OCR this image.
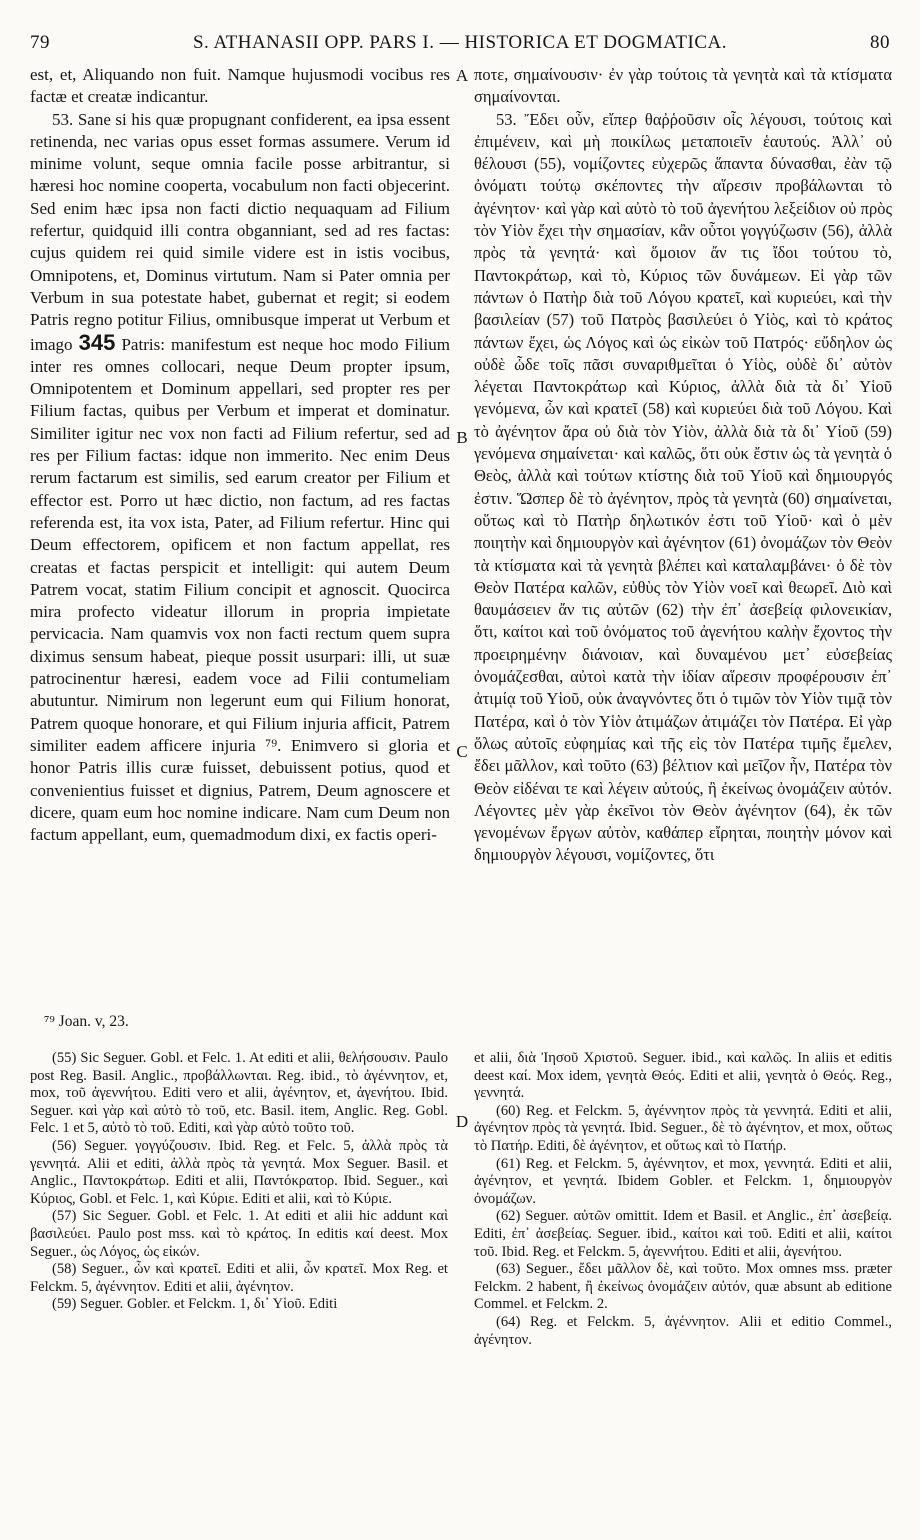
79	S. ATHANASII OPP. PARS I. — HISTORICA ET DOGMATICA.	80

est, et, Aliquando non fuit. Namque hujusmodi vocibus res factæ et creatæ indicantur.

53. Sane si his quæ propugnant confiderent, ea ipsa essent retinenda, nec varias opus esset formas assumere. Verum id minime volunt, seque omnia facile posse arbitrantur, si hæresi hoc nomine cooperta, vocabulum non facti objecerint. Sed enim hæc ipsa non facti dictio nequaquam ad Filium refertur, quidquid illi contra obganniant, sed ad res factas: cujus quidem rei quid simile videre est in istis vocibus, Omnipotens, et, Dominus virtutum. Nam si Pater omnia per Verbum in sua potestate habet, gubernat et regit; si eodem Patris regno potitur Filius, omnibusque imperat ut Verbum et imago 345 Patris: manifestum est neque hoc modo Filium inter res omnes collocari, neque Deum propter ipsum, Omnipotentem et Dominum appellari, sed propter res per Filium factas, quibus per Verbum et imperat et dominatur. Similiter igitur nec vox non facti ad Filium refertur, sed ad res per Filium factas: idque non immerito. Nec enim Deus rerum factarum est similis, sed earum creator per Filium et effector est. Porro ut hæc dictio, non factum, ad res factas referenda est, ita vox ista, Pater, ad Filium refertur. Hinc qui Deum effectorem, opificem et non factum appellat, res creatas et factas perspicit et intelligit: qui autem Deum Patrem vocat, statim Filium concipit et agnoscit. Quocirca mira profecto videatur illorum in propria impietate pervicacia. Nam quamvis vox non facti rectum quem supra diximus sensum habeat, pieque possit usurpari: illi, ut suæ patrocinentur hæresi, eadem voce ad Filii contumeliam abutuntur. Nimirum non legerunt eum qui Filium honorat, Patrem quoque honorare, et qui Filium injuria afficit, Patrem similiter eadem afficere injuria ⁷⁹. Enimvero si gloria et honor Patris illis curæ fuisset, debuissent potius, quod et convenientius fuisset et dignius, Patrem, Deum agnoscere et dicere, quam eum hoc nomine indicare. Nam cum Deum non factum appellant, eum, quemadmodum dixi, ex factis operi-

A
B
C
D

ποτε, σημαίνουσιν· ἐν γὰρ τούτοις τὰ γενητὰ καὶ τὰ κτίσματα σημαίνονται.

53. Ἔδει οὖν, εἴπερ θαῤῥοῦσιν οἷς λέγουσι, τούτοις καὶ ἐπιμένειν, καὶ μὴ ποικίλως μεταποιεῖν ἑαυτούς. Ἀλλ᾽ οὐ θέλουσι (55), νομίζοντες εὐχερῶς ἅπαντα δύνασθαι, ἐὰν τῷ ὀνόματι τούτῳ σκέποντες τὴν αἵρεσιν προβάλωνται τὸ ἀγένητον· καὶ γὰρ καὶ αὐτὸ τὸ τοῦ ἀγενήτου λεξείδιον οὐ πρὸς τὸν Υἱὸν ἔχει τὴν σημασίαν, κἂν οὗτοι γογγύζωσιν (56), ἀλλὰ πρὸς τὰ γενητά· καὶ ὅμοιον ἄν τις ἴδοι τούτου τὸ, Παντοκράτωρ, καὶ τὸ, Κύριος τῶν δυνάμεων. Εἰ γὰρ τῶν πάντων ὁ Πατὴρ διὰ τοῦ Λόγου κρατεῖ, καὶ κυριεύει, καὶ τὴν βασιλείαν (57) τοῦ Πατρὸς βασιλεύει ὁ Υἱὸς, καὶ τὸ κράτος πάντων ἔχει, ὡς Λόγος καὶ ὡς εἰκὼν τοῦ Πατρός· εὔδηλον ὡς οὐδὲ ὧδε τοῖς πᾶσι συναριθμεῖται ὁ Υἱὸς, οὐδὲ δι᾽ αὐτὸν λέγεται Παντοκράτωρ καὶ Κύριος, ἀλλὰ διὰ τὰ δι᾽ Υἱοῦ γενόμενα, ὧν καὶ κρατεῖ (58) καὶ κυριεύει διὰ τοῦ Λόγου. Καὶ τὸ ἀγένητον ἄρα οὐ διὰ τὸν Υἱὸν, ἀλλὰ διὰ τὰ δι᾽ Υἱοῦ (59) γενόμενα σημαίνεται· καὶ καλῶς, ὅτι οὐκ ἔστιν ὡς τὰ γενητὰ ὁ Θεὸς, ἀλλὰ καὶ τούτων κτίστης διὰ τοῦ Υἱοῦ καὶ δημιουργός ἐστιν. Ὥσπερ δὲ τὸ ἀγένητον, πρὸς τὰ γενητὰ (60) σημαίνεται, οὕτως καὶ τὸ Πατὴρ δηλωτικόν ἐστι τοῦ Υἱοῦ· καὶ ὁ μὲν ποιητὴν καὶ δημιουργὸν καὶ ἀγένητον (61) ὀνομάζων τὸν Θεὸν τὰ κτίσματα καὶ τὰ γενητὰ βλέπει καὶ καταλαμβάνει· ὁ δὲ τὸν Θεὸν Πατέρα καλῶν, εὐθὺς τὸν Υἱὸν νοεῖ καὶ θεωρεῖ. Διὸ καὶ θαυμάσειεν ἄν τις αὐτῶν (62) τὴν ἐπ᾽ ἀσεβείᾳ φιλονεικίαν, ὅτι, καίτοι καὶ τοῦ ὀνόματος τοῦ ἀγενήτου καλὴν ἔχοντος τὴν προειρημένην διάνοιαν, καὶ δυναμένου μετ᾽ εὐσεβείας ὀνομάζεσθαι, αὐτοὶ κατὰ τὴν ἰδίαν αἵρεσιν προφέρουσιν ἐπ᾽ ἀτιμίᾳ τοῦ Υἱοῦ, οὐκ ἀναγνόντες ὅτι ὁ τιμῶν τὸν Υἱὸν τιμᾷ τὸν Πατέρα, καὶ ὁ τὸν Υἱὸν ἀτιμάζων ἀτιμάζει τὸν Πατέρα. Εἰ γὰρ ὅλως αὐτοῖς εὐφημίας καὶ τῆς εἰς τὸν Πατέρα τιμῆς ἔμελεν, ἔδει μᾶλλον, καὶ τοῦτο (63) βέλτιον καὶ μεῖζον ἦν, Πατέρα τὸν Θεὸν εἰδέναι τε καὶ λέγειν αὐτούς, ἢ ἐκείνως ὀνομάζειν αὐτόν. Λέγοντες μὲν γὰρ ἐκεῖνοι τὸν Θεὸν ἀγένητον (64), ἐκ τῶν γενομένων ἔργων αὐτὸν, καθάπερ εἴρηται, ποιητὴν μόνον καὶ δημιουργὸν λέγουσι, νομίζοντες, ὅτι

⁷⁹ Joan. v, 23.

(55) Sic Seguer. Gobl. et Felc. 1. At editi et alii, θελήσουσιν. Paulo post Reg. Basil. Anglic., προβάλλωνται. Reg. ibid., τὸ ἀγέννητον, et, mox, τοῦ ἀγεννήτου. Editi vero et alii, ἀγένητον, et, ἀγενήτου. Ibid. Seguer. καὶ γὰρ καὶ αὐτὸ τὸ τοῦ, etc. Basil. item, Anglic. Reg. Gobl. Felc. 1 et 5, αὐτὸ τὸ τοῦ. Editi, καὶ γὰρ αὐτὸ τοῦτο τοῦ.

(56) Seguer. γογγύζουσιν. Ibid. Reg. et Felc. 5, ἀλλὰ πρὸς τὰ γεννητά. Alii et editi, ἀλλὰ πρὸς τὰ γενητά. Mox Seguer. Basil. et Anglic., Παντοκράτωρ. Editi et alii, Παντόκρατορ. Ibid. Seguer., καὶ Κύριος, Gobl. et Felc. 1, καὶ Κύριε. Editi et alii, καὶ τὸ Κύριε.

(57) Sic Seguer. Gobl. et Felc. 1. At editi et alii hic addunt καὶ βασιλεύει. Paulo post mss. καὶ τὸ κράτος. In editis καί deest. Mox Seguer., ὡς Λόγος, ὡς εἰκών.

(58) Seguer., ὧν καὶ κρατεῖ. Editi et alii, ὧν κρατεῖ. Mox Reg. et Felckm. 5, ἀγέννητον. Editi et alii, ἀγένητον.

(59) Seguer. Gobler. et Felckm. 1, δι᾽ Υἱοῦ. Editi

et alii, διὰ Ἰησοῦ Χριστοῦ. Seguer. ibid., καὶ καλῶς. In aliis et editis deest καί. Mox idem, γενητὰ Θεός. Editi et alii, γενητὰ ὁ Θεός. Reg., γεννητά.

(60) Reg. et Felckm. 5, ἀγέννητον πρὸς τὰ γεννητά. Editi et alii, ἀγένητον πρὸς τὰ γενητά. Ibid. Seguer., δὲ τὸ ἀγένητον, et mox, οὕτως τὸ Πατήρ. Editi, δὲ ἀγένητον, et οὕτως καὶ τὸ Πατήρ.

(61) Reg. et Felckm. 5, ἀγέννητον, et mox, γεννητά. Editi et alii, ἀγένητον, et γενητά. Ibidem Gobler. et Felckm. 1, δημιουργὸν ὀνομάζων.

(62) Seguer. αὐτῶν omittit. Idem et Basil. et Anglic., ἐπ᾽ ἀσεβείᾳ. Editi, ἐπ᾽ ἀσεβείας. Seguer. ibid., καίτοι καὶ τοῦ. Editi et alii, καίτοι τοῦ. Ibid. Reg. et Felckm. 5, ἀγεννήτου. Editi et alii, ἀγενήτου.

(63) Seguer., ἔδει μᾶλλον δὲ, καὶ τοῦτο. Mox omnes mss. præter Felckm. 2 habent, ἢ ἐκείνως ὀνομάζειν αὐτόν, quæ absunt ab editione Commel. et Felckm. 2.

(64) Reg. et Felckm. 5, ἀγέννητον. Alii et editio Commel., ἀγένητον.
